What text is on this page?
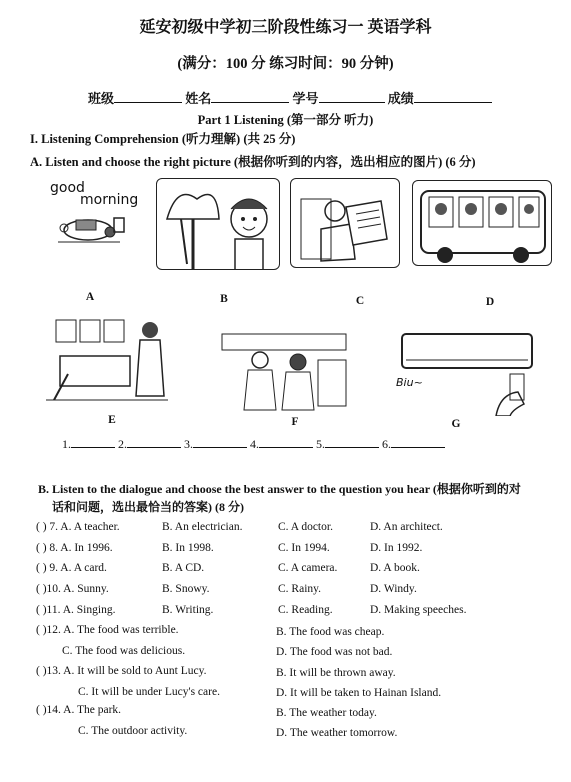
延安初级中学初三阶段性练习一 英语学科
(满分：100 分 练习时间：90 分钟)
班级	姓名	学号	成绩
Part 1 Listening (第一部分 听力)
I. Listening Comprehension (听力理解) (共 25 分)
A. Listen and choose the right picture (根据你听到的内容，选出相应的图片) (6 分)
good
morning
A	B	C	D
Biu~
E	F	G
1.	2.	3.	4.	5.	6.
B. Listen to the dialogue and choose the best answer to the question you hear (根据你听到的对
话和问题，选出最恰当的答案) (8 分)
( ) 7. A. A teacher.	B. An electrician.	C. A doctor.	D. An architect.
( ) 8. A. In 1996.	B. In 1998.	C. In 1994.	D. In 1992.
( ) 9. A. A card.	B. A CD.	C. A camera.	D. A book.
( )10. A. Sunny.	B. Snowy.	C. Rainy.	D. Windy.
( )11. A. Singing.	B. Writing.	C. Reading.	D. Making speeches.
( )12. A. The food was terrible.	B. The food was cheap.
C. The food was delicious.	D. The food was not bad.
( )13. A. It will be sold to Aunt Lucy.	B. It will be thrown away.
C. It will be under Lucy's care.	D. It will be taken to Hainan Island.
( )14. A. The park.	B. The weather today.
C. The outdoor activity.	D. The weather tomorrow.
